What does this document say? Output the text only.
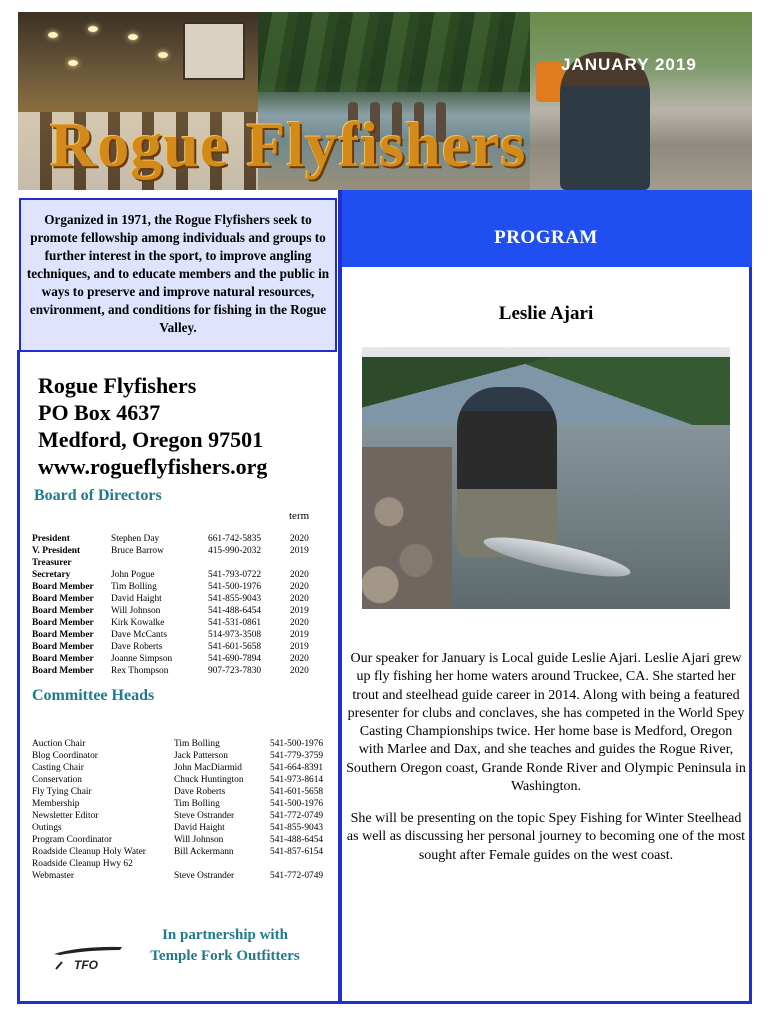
Rogue Flyfishers

JANUARY 2019

Organized in 1971, the Rogue Flyfishers seek to promote fellowship among individuals and groups to further interest in the sport, to improve angling techniques, and to educate members and the public in ways to preserve and improve natural resources, environment, and conditions for fishing in the Rogue Valley.
Rogue Flyfishers
PO Box 4637
Medford, Oregon 97501
www.rogueflyfishers.org
Board of Directors
term
President	Stephen Day	661-742-5835	2020
V. President	Bruce Barrow	415-990-2032	2019
Treasurer
Secretary	John Pogue	541-793-0722	2020
Board Member	Tim Bolling	541-500-1976	2020
Board Member	David Haight	541-855-9043	2020
Board Member	Will Johnson	541-488-6454	2019
Board Member	Kirk Kowalke	541-531-0861	2020
Board Member	Dave McCants	514-973-3508	2019
Board Member	Dave Roberts	541-601-5658	2019
Board Member	Joanne Simpson	541-690-7894	2020
Board Member	Rex Thompson	907-723-7830	2020
Committee Heads
Auction Chair	Tim Bolling	541-500-1976
Blog Coordinator	Jack Patterson	541-779-3759
Casting Chair	John MacDiarmid	541-664-8391
Conservation	Chuck Huntington	541-973-8614
Fly Tying Chair	Dave Roberts	541-601-5658
Membership	Tim Bolling	541-500-1976
Newsletter Editor	Steve Ostrander	541-772-0749
Outings	David Haight	541-855-9043
Program Coordinator	Will Johnson	541-488-6454
Roadside Cleanup Holy Water	Bill Ackermann	541-857-6154
Roadside Cleanup Hwy 62
Webmaster	Steve Ostrander	541-772-0749
TFO
In partnership with
Temple Fork Outfitters
PROGRAM
Leslie Ajari

Our speaker for January is Local guide Leslie Ajari. Leslie Ajari grew up fly fishing her home waters around Truckee, CA. She started her trout and steelhead guide career in 2014. Along with being a featured presenter for clubs and conclaves, she has competed in the World Spey Casting Championships twice. Her home base is Medford, Oregon with Marlee and Dax, and she teaches and guides the Rogue River, Southern Oregon coast, Grande Ronde River and Olympic Peninsula in Washington.

She will be presenting on the topic Spey Fishing for Winter Steelhead as well as discussing her personal journey to becoming one of the most sought after Female guides on the west coast.
